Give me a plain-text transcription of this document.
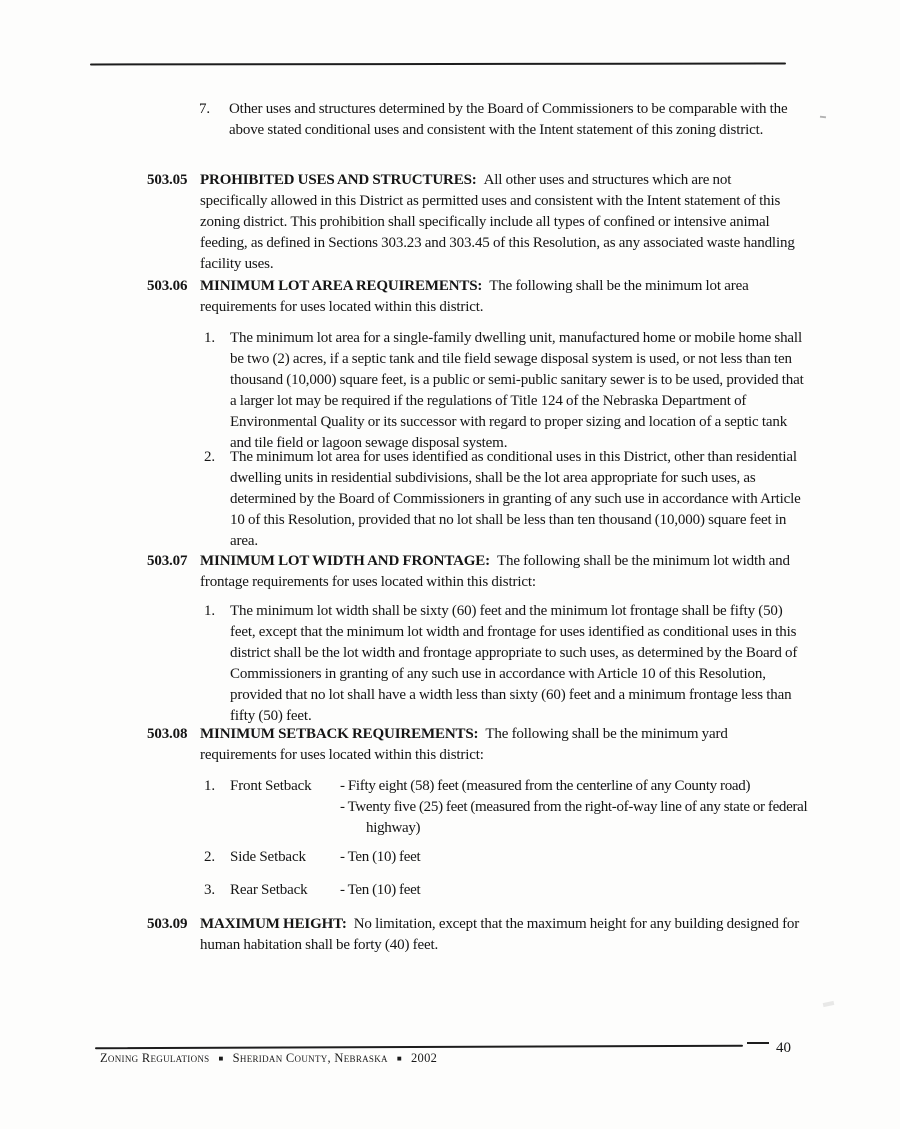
7.	Other uses and structures determined by the Board of Commissioners to be comparable with the above stated conditional uses and consistent with the Intent statement of this zoning district.

503.05 PROHIBITED USES AND STRUCTURES: All other uses and structures which are not specifically allowed in this District as permitted uses and consistent with the Intent statement of this zoning district. This prohibition shall specifically include all types of confined or intensive animal feeding, as defined in Sections 303.23 and 303.45 of this Resolution, as any associated waste handling facility uses.

503.06 MINIMUM LOT AREA REQUIREMENTS: The following shall be the minimum lot area requirements for uses located within this district.

1.	The minimum lot area for a single-family dwelling unit, manufactured home or mobile home shall be two (2) acres, if a septic tank and tile field sewage disposal system is used, or not less than ten thousand (10,000) square feet, is a public or semi-public sanitary sewer is to be used, provided that a larger lot may be required if the regulations of Title 124 of the Nebraska Department of Environmental Quality or its successor with regard to proper sizing and location of a septic tank and tile field or lagoon sewage disposal system.

2.	The minimum lot area for uses identified as conditional uses in this District, other than residential dwelling units in residential subdivisions, shall be the lot area appropriate for such uses, as determined by the Board of Commissioners in granting of any such use in accordance with Article 10 of this Resolution, provided that no lot shall be less than ten thousand (10,000) square feet in area.

503.07 MINIMUM LOT WIDTH AND FRONTAGE: The following shall be the minimum lot width and frontage requirements for uses located within this district:

1.	The minimum lot width shall be sixty (60) feet and the minimum lot frontage shall be fifty (50) feet, except that the minimum lot width and frontage for uses identified as conditional uses in this district shall be the lot width and frontage appropriate to such uses, as determined by the Board of Commissioners in granting of any such use in accordance with Article 10 of this Resolution, provided that no lot shall have a width less than sixty (60) feet and a minimum frontage less than fifty (50) feet.

503.08 MINIMUM SETBACK REQUIREMENTS: The following shall be the minimum yard requirements for uses located within this district:

1.	Front Setback	- Fifty eight (58) feet (measured from the centerline of any County road)

- Twenty five (25) feet (measured from the right-of-way line of any state or federal highway)

2.	Side Setback	- Ten (10) feet

3.	Rear Setback	- Ten (10) feet

503.09 MAXIMUM HEIGHT: No limitation, except that the maximum height for any building designed for human habitation shall be forty (40) feet.

Zoning Regulations ■ Sheridan County, Nebraska ■ 2002
40
